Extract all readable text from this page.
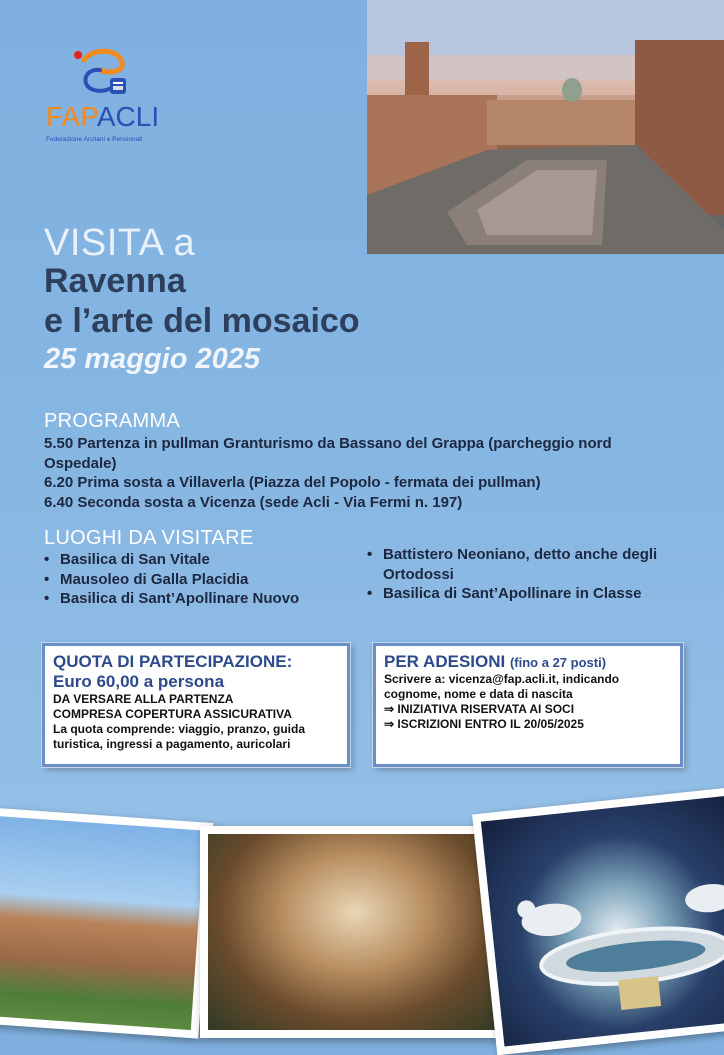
FAPACLI
Federazione Anziani e Pensionati
VISITA a
Ravenna
e l’arte del mosaico
25 maggio 2025
PROGRAMMA
5.50 Partenza in pullman Granturismo da Bassano del Grappa (parcheggio nord Ospedale)
6.20 Prima sosta a Villaverla (Piazza del Popolo - fermata dei pullman)
6.40 Seconda sosta a Vicenza (sede Acli - Via Fermi n. 197)
LUOGHI DA VISITARE
• Basilica di San Vitale
• Mausoleo di Galla Placidia
• Basilica di Sant’Apollinare Nuovo
• Battistero Neoniano, detto anche degli Ortodossi
• Basilica di Sant’Apollinare in Classe
QUOTA DI PARTECIPAZIONE:
Euro 60,00 a persona
DA VERSARE ALLA PARTENZA
COMPRESA COPERTURA ASSICURATIVA
La quota comprende: viaggio, pranzo, guida turistica, ingressi a pagamento, auricolari
PER ADESIONI (fino a 27 posti)
Scrivere a: vicenza@fap.acli.it, indicando cognome, nome e data di nascita
⇒ INIZIATIVA RISERVATA AI SOCI
⇒ ISCRIZIONI ENTRO IL 20/05/2025
